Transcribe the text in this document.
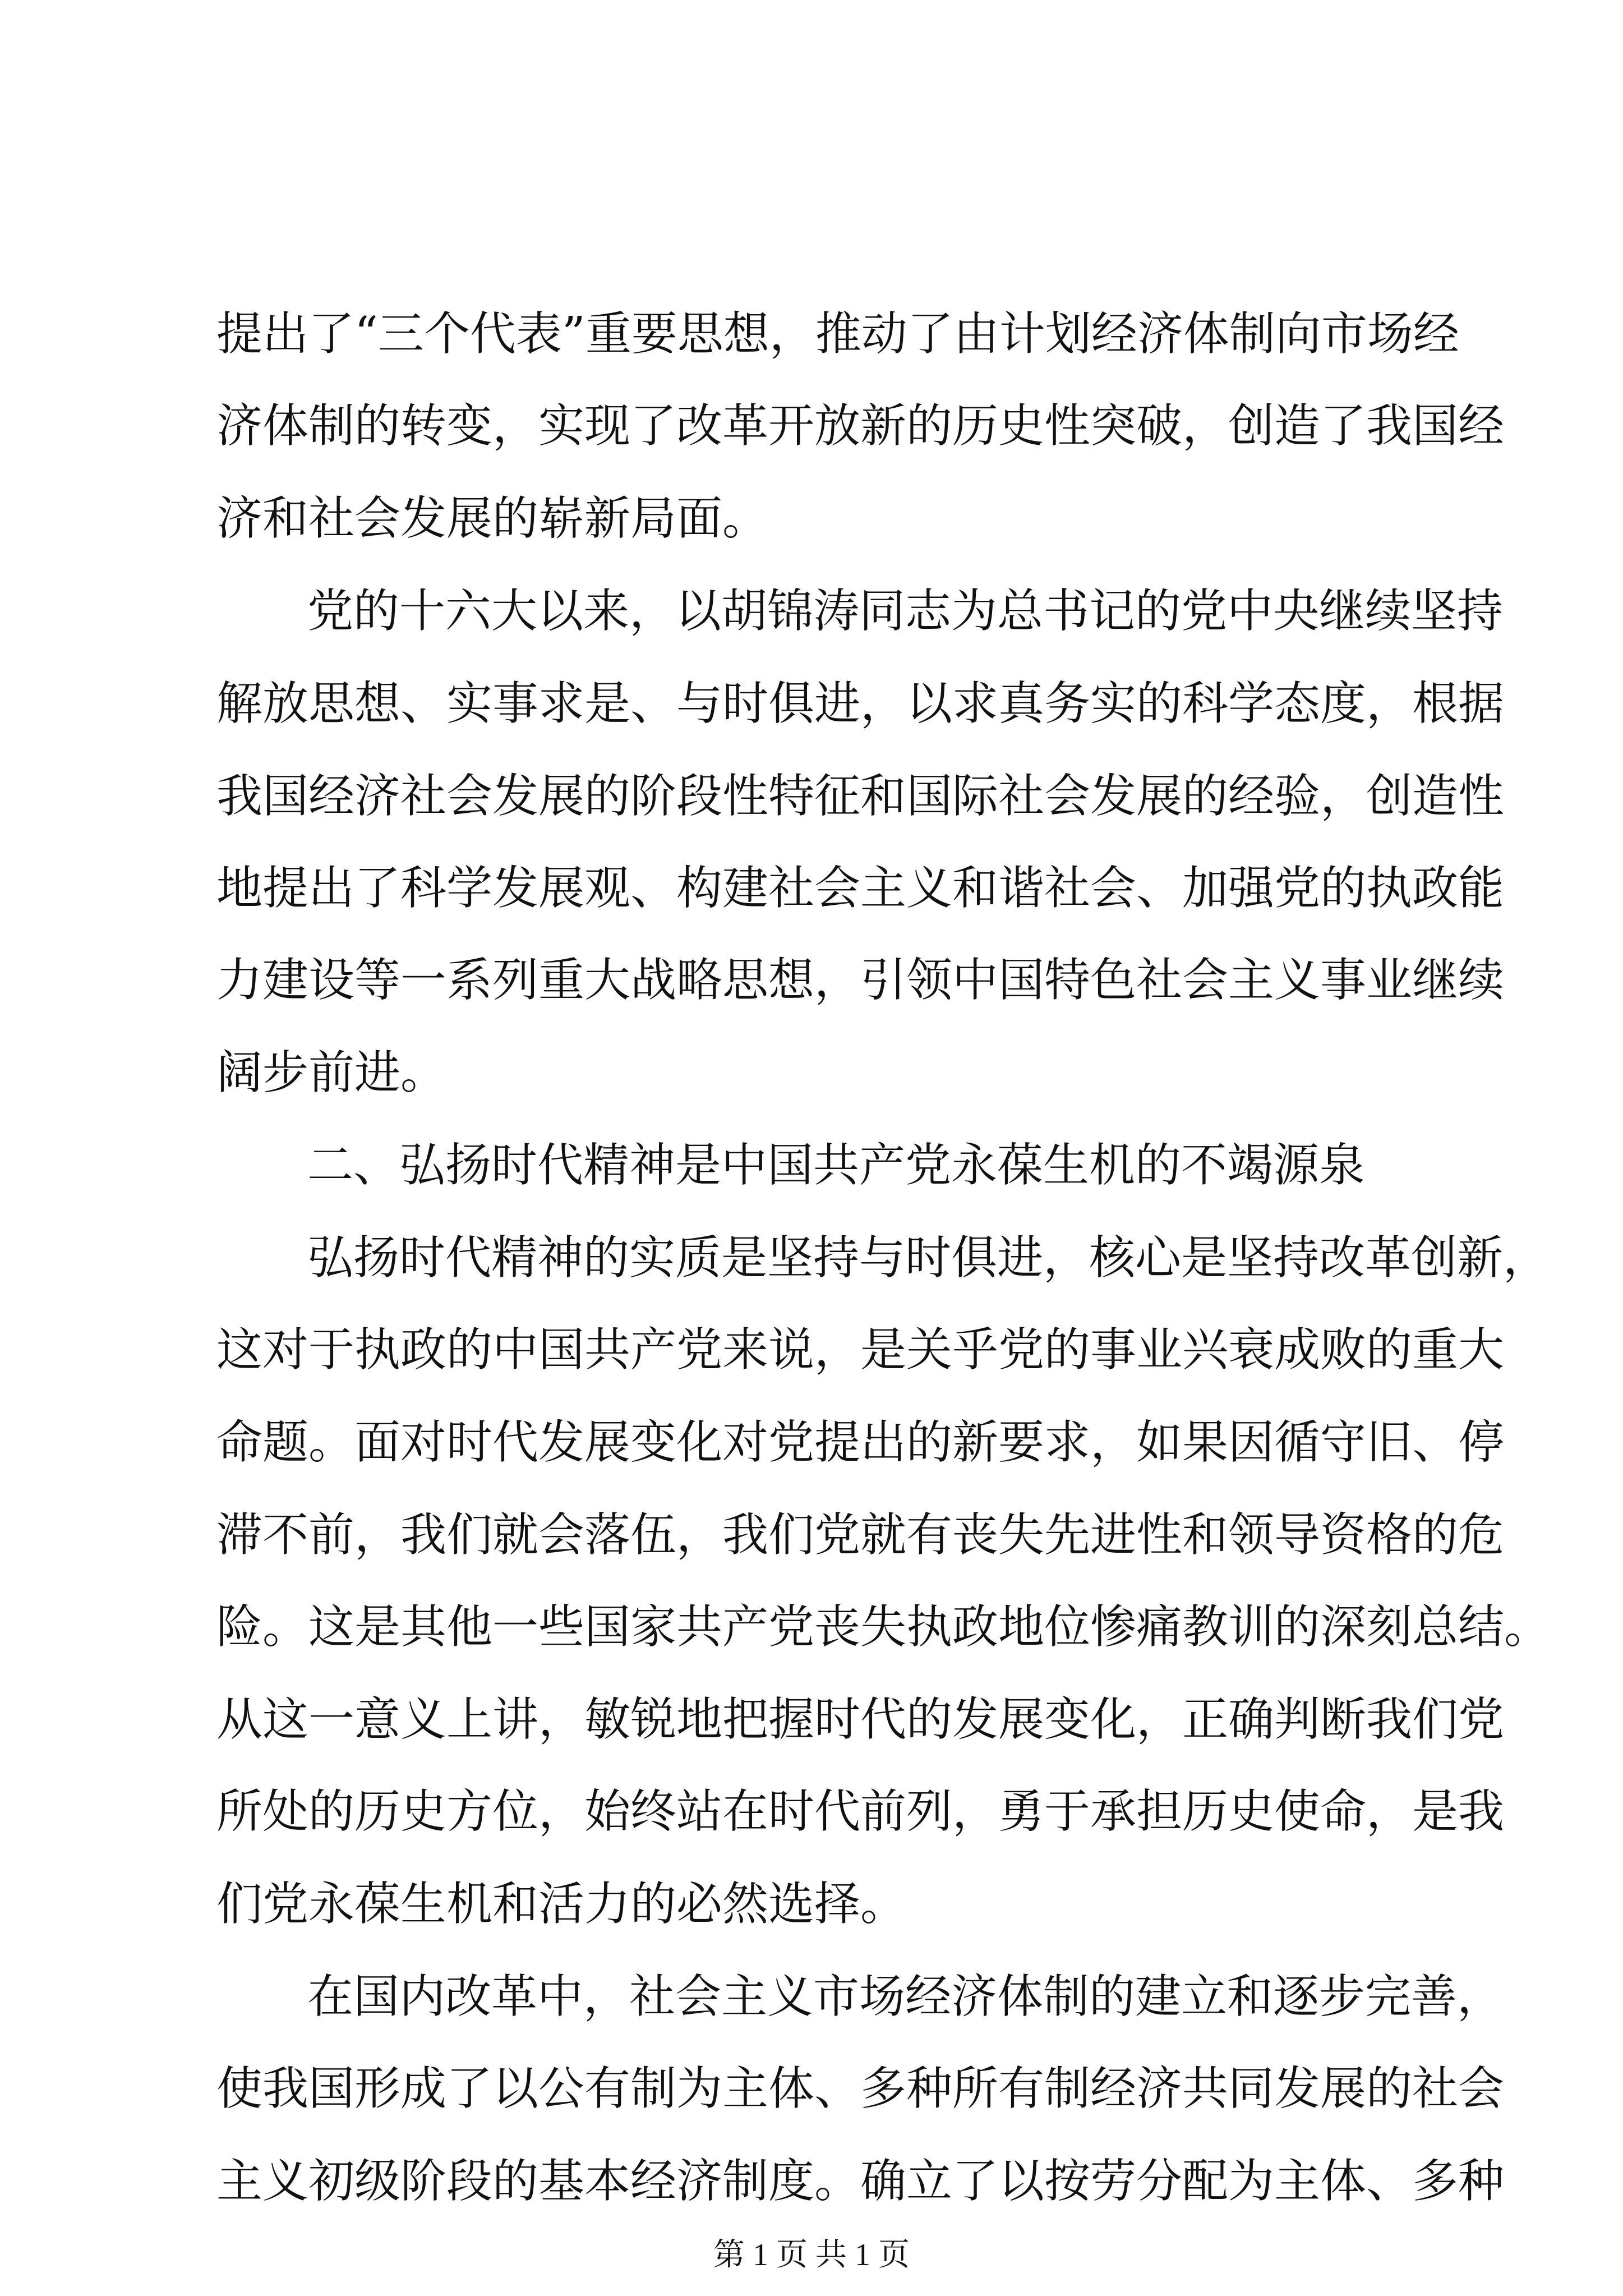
提出了“三个代表”重要思想，推动了由计划经济体制向市场经
济体制的转变，实现了改革开放新的历史性突破，创造了我国经
济和社会发展的崭新局面。
党的十六大以来，以胡锦涛同志为总书记的党中央继续坚持
解放思想、实事求是、与时俱进，以求真务实的科学态度，根据
我国经济社会发展的阶段性特征和国际社会发展的经验，创造性
地提出了科学发展观、构建社会主义和谐社会、加强党的执政能
力建设等一系列重大战略思想，引领中国特色社会主义事业继续
阔步前进。
二、弘扬时代精神是中国共产党永葆生机的不竭源泉
弘扬时代精神的实质是坚持与时俱进，核心是坚持改革创新，
这对于执政的中国共产党来说，是关乎党的事业兴衰成败的重大
命题。面对时代发展变化对党提出的新要求，如果因循守旧、停
滞不前，我们就会落伍，我们党就有丧失先进性和领导资格的危
险。这是其他一些国家共产党丧失执政地位惨痛教训的深刻总结。
从这一意义上讲，敏锐地把握时代的发展变化，正确判断我们党
所处的历史方位，始终站在时代前列，勇于承担历史使命，是我
们党永葆生机和活力的必然选择。
在国内改革中，社会主义市场经济体制的建立和逐步完善，
使我国形成了以公有制为主体、多种所有制经济共同发展的社会
主义初级阶段的基本经济制度。确立了以按劳分配为主体、多种
第 1 页 共 1 页
